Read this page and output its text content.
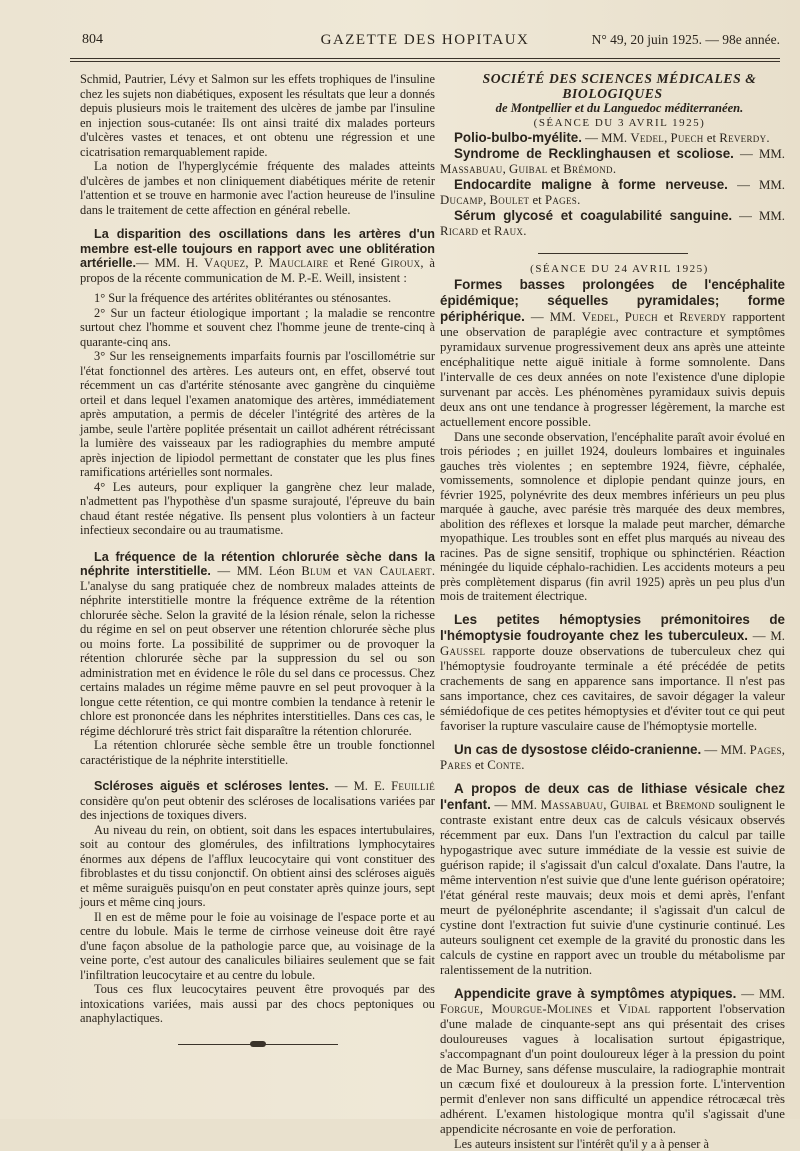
804	GAZETTE DES HOPITAUX	N° 49, 20 juin 1925. — 98e année.

Schmid, Pautrier, Lévy et Salmon sur les effets trophiques de l'insuline chez les sujets non diabétiques, exposent les résultats que leur a donnés depuis plusieurs mois le traitement des ulcères de jambe par l'insuline en injection sous-cutanée: Ils ont ainsi traité dix malades porteurs d'ulcères vastes et tenaces, et ont obtenu une régression et une cicatrisation remarquablement rapide.

La notion de l'hyperglycémie fréquente des malades atteints d'ulcères de jambes et non cliniquement diabétiques mérite de retenir l'attention et se trouve en harmonie avec l'action heureuse de l'insuline dans le traitement de cette affection en général rebelle.

La disparition des oscillations dans les artères d'un membre est-elle toujours en rapport avec une oblitération artérielle.— MM. H. Vaquez, P. Mauclaire et René Giroux, à propos de la récente communication de M. P.-E. Weill, insistent :

1° Sur la fréquence des artérites oblitérantes ou sténosantes.

2° Sur un facteur étiologique important ; la maladie se rencontre surtout chez l'homme et souvent chez l'homme jeune de trente-cinq à quarante-cinq ans.

3° Sur les renseignements imparfaits fournis par l'oscillométrie sur l'état fonctionnel des artères. Les auteurs ont, en effet, observé tout récemment un cas d'artérite sténosante avec gangrène du cinquième orteil et dans lequel l'examen anatomique des artères, immédiatement après amputation, a permis de déceler l'intégrité des artères de la jambe, seule l'artère poplitée présentait un caillot adhérent rétrécissant la lumière des vaisseaux par les radiographies du membre amputé après injection de lipiodol permettant de constater que les plus fines ramifications artérielles sont normales.

4° Les auteurs, pour expliquer la gangrène chez leur malade, n'admettent pas l'hypothèse d'un spasme surajouté, l'épreuve du bain chaud étant restée négative. Ils pensent plus volontiers à un facteur infectieux secondaire ou au traumatisme.

La fréquence de la rétention chlorurée sèche dans la néphrite interstitielle. — MM. Léon Blum et van Caulaert. L'analyse du sang pratiquée chez de nombreux malades atteints de néphrite interstitielle montre la fréquence extrême de la rétention chlorurée sèche. Selon la gravité de la lésion rénale, selon la richesse du régime en sel on peut observer une rétention chlorurée sèche plus ou moins forte. La possibilité de supprimer ou de provoquer la rétention chlorurée sèche par la suppression du sel ou son administration met en évidence le rôle du sel dans ce processus. Chez certains malades un régime même pauvre en sel peut provoquer à la longue cette rétention, ce qui montre combien la tendance à retenir le chlore est prononcée dans les néphrites interstitielles. Dans ces cas, le régime déchloruré très strict fait disparaître la rétention chlorurée.

La rétention chlorurée sèche semble être un trouble fonctionnel caractéristique de la néphrite interstitielle.

Scléroses aiguës et scléroses lentes. — M. E. Feuillié considère qu'on peut obtenir des scléroses de localisations variées par des injections de toxiques divers.

Au niveau du rein, on obtient, soit dans les espaces intertubulaires, soit au contour des glomérules, des infiltrations lymphocytaires énormes aux dépens de l'afflux leucocytaire qui vont constituer des fibroblastes et du tissu conjonctif. On obtient ainsi des scléroses aiguës et même suraiguës puisqu'on en peut constater après quinze jours, sept jours et même cinq jours.

Il en est de même pour le foie au voisinage de l'espace porte et au centre du lobule. Mais le terme de cirrhose veineuse doit être rayé d'une façon absolue de la pathologie parce que, au voisinage de la veine porte, c'est autour des canalicules biliaires seulement que se fait l'infiltration leucocytaire et au centre du lobule.

Tous ces flux leucocytaires peuvent être provoqués par des intoxications variées, mais aussi par des chocs peptoniques ou anaphylactiques.

SOCIÉTÉ DES SCIENCES MÉDICALES & BIOLOGIQUES

de Montpellier et du Languedoc méditerranéen.

(SÉANCE DU 3 AVRIL 1925)

Polio-bulbo-myélite. — MM. Vedel, Puech et Reverdy.

Syndrome de Recklinghausen et scoliose. — MM. Massabuau, Guibal et Brémond.

Endocardite maligne à forme nerveuse. — MM. Ducamp, Boulet et Pages.

Sérum glycosé et coagulabilité sanguine. — MM. Ricard et Raux.

(SÉANCE DU 24 AVRIL 1925)

Formes basses prolongées de l'encéphalite épidémique; séquelles pyramidales; forme périphérique. — MM. Vedel, Puech et Reverdy rapportent une observation de paraplégie avec contracture et symptômes pyramidaux survenue progressivement deux ans après une atteinte encéphalitique nette aiguë initiale à forme somnolente. Dans l'intervalle de ces deux années on note l'existence d'une diplopie survenant par accès. Les phénomènes pyramidaux suivis depuis deux ans ont une tendance à progresser légèrement, la marche est actuellement encore possible.

Dans une seconde observation, l'encéphalite paraît avoir évolué en trois périodes ; en juillet 1924, douleurs lombaires et inguinales gauches très violentes ; en septembre 1924, fièvre, céphalée, vomissements, somnolence et diplopie pendant quinze jours, en février 1925, polynévrite des deux membres inférieurs un peu plus marquée à gauche, avec parésie très marquée des deux membres, abolition des réflexes et lorsque la malade peut marcher, démarche myopathique. Les troubles sont en effet plus marqués au niveau des racines. Pas de signe sensitif, trophique ou sphinctérien. Réaction méningée du liquide céphalo-rachidien. Les accidents moteurs a peu près complètement disparus (fin avril 1925) après un peu plus d'un mois de traitement électrique.

Les petites hémoptysies prémonitoires de l'hémoptysie foudroyante chez les tuberculeux. — M. Gaussel rapporte douze observations de tuberculeux chez qui l'hémoptysie foudroyante terminale a été précédée de petits crachements de sang en apparence sans importance. Il n'est pas sans importance, chez ces cavitaires, de savoir dégager la valeur sémiédofique de ces petites hémoptysies et d'éviter tout ce qui peut favoriser la rupture vasculaire cause de l'hémoptysie mortelle.

Un cas de dysostose cléido-cranienne. — MM. Pages, Pares et Conte.

A propos de deux cas de lithiase vésicale chez l'enfant. — MM. Massabuau, Guibal et Bremond soulignent le contraste existant entre deux cas de calculs vésicaux observés récemment par eux. Dans l'un l'extraction du calcul par taille hypogastrique avec suture immédiate de la vessie est suivie de guérison rapide; il s'agissait d'un calcul d'oxalate. Dans l'autre, la même intervention n'est suivie que d'une lente guérison opératoire; l'état général reste mauvais; deux mois et demi après, l'enfant meurt de pyélonéphrite ascendante; il s'agissait d'un calcul de cystine dont l'extraction fut suivie d'une cystinurie continué. Les auteurs soulignent cet exemple de la gravité du pronostic dans les calculs de cystine en rapport avec un trouble du métabolisme par ralentissement de la nutrition.

Appendicite grave à symptômes atypiques. — MM. Forgue, Mourgue-Molines et Vidal rapportent l'observation d'une malade de cinquante-sept ans qui présentait des crises douloureuses vagues à localisation surtout épigastrique, s'accompagnant d'un point douloureux léger à la pression du point de Mac Burney, sans défense musculaire, la radiographie montrait un cæcum fixé et douloureux à la pression forte. L'intervention permit d'enlever non sans difficulté un appendice rétrocæcal très adhérent. L'examen histologique montra qu'il s'agissait d'une appendicite nécrosante en voie de perforation.

Les auteurs insistent sur l'intérêt qu'il y a à penser à
